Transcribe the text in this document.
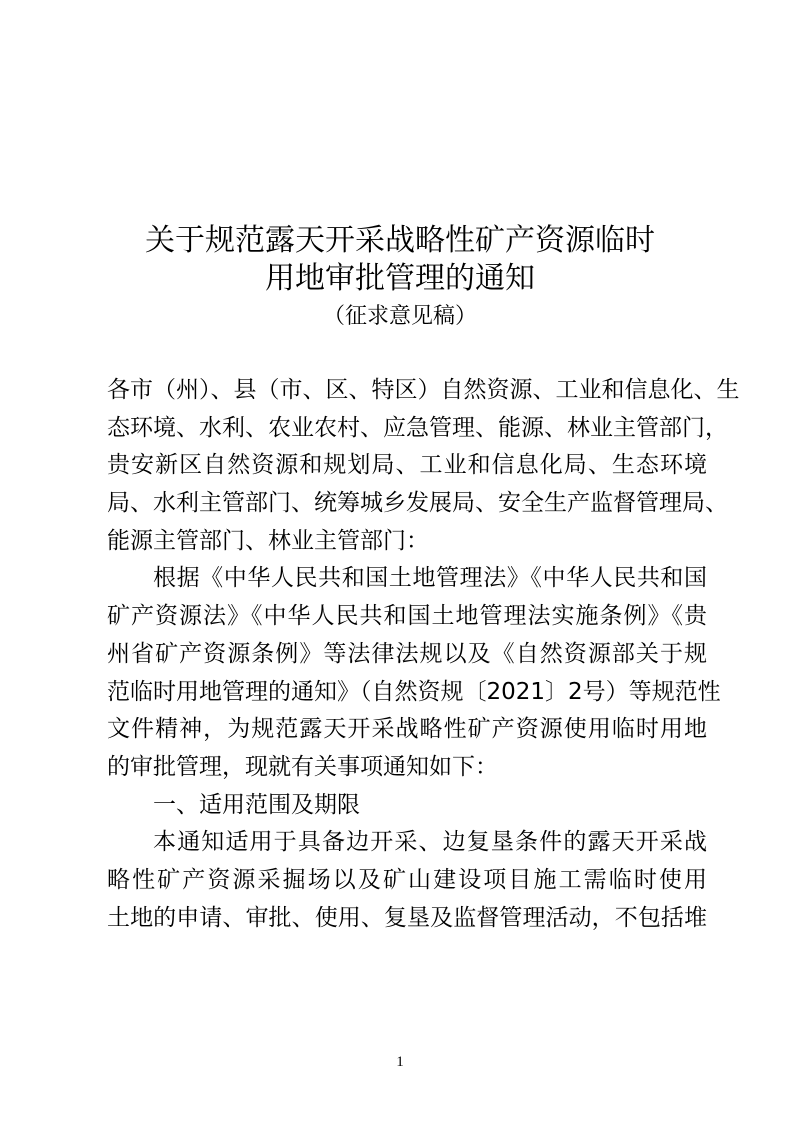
关于规范露天开采战略性矿产资源临时
用地审批管理的通知
（征求意见稿）
各市（州）、县（市、区、特区）自然资源、工业和信息化、生
态环境、水利、农业农村、应急管理、能源、林业主管部门，
贵安新区自然资源和规划局、工业和信息化局、生态环境
局、水利主管部门、统筹城乡发展局、安全生产监督管理局、
能源主管部门、林业主管部门：
根据《中华人民共和国土地管理法》《中华人民共和国
矿产资源法》《中华人民共和国土地管理法实施条例》《贵
州省矿产资源条例》等法律法规以及《自然资源部关于规
范临时用地管理的通知》（自然资规〔2021〕2号）等规范性
文件精神，为规范露天开采战略性矿产资源使用临时用地
的审批管理，现就有关事项通知如下：
一、适用范围及期限
本通知适用于具备边开采、边复垦条件的露天开采战
略性矿产资源采掘场以及矿山建设项目施工需临时使用
土地的申请、审批、使用、复垦及监督管理活动，不包括堆
1
